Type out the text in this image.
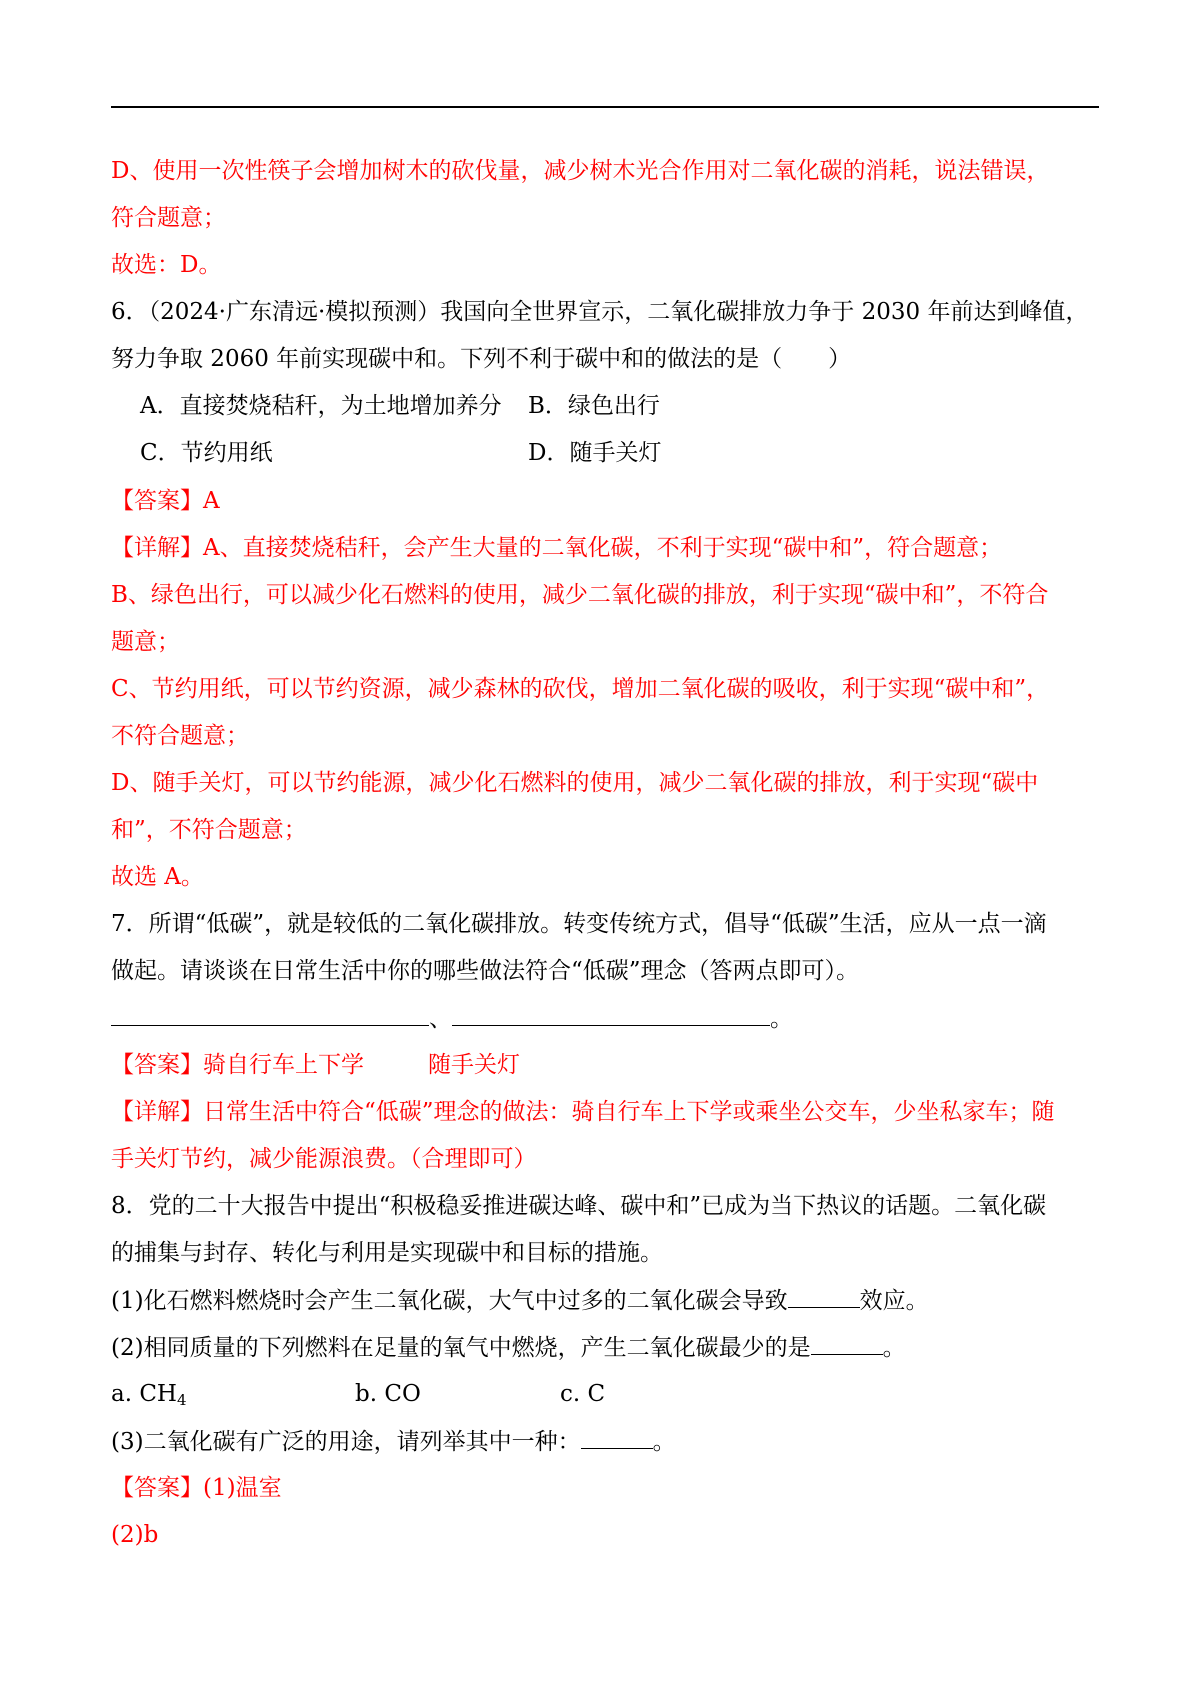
D、使用一次性筷子会增加树木的砍伐量，减少树木光合作用对二氧化碳的消耗，说法错误，
符合题意；
故选：D。
6．（2024·广东清远·模拟预测）我国向全世界宣示，二氧化碳排放力争于 2030 年前达到峰值，
努力争取 2060 年前实现碳中和。下列不利于碳中和的做法的是（　　）
A．直接焚烧秸秆，为土地增加养分 B．绿色出行
C．节约用纸	D．随手关灯
【答案】A
【详解】A、直接焚烧秸秆，会产生大量的二氧化碳，不利于实现“碳中和”，符合题意；
B、绿色出行，可以减少化石燃料的使用，减少二氧化碳的排放，利于实现“碳中和”，不符合
题意；
C、节约用纸，可以节约资源，减少森林的砍伐，增加二氧化碳的吸收，利于实现“碳中和”，
不符合题意；
D、随手关灯，可以节约能源，减少化石燃料的使用，减少二氧化碳的排放，利于实现“碳中
和”，不符合题意；
故选 A。
7．所谓“低碳”，就是较低的二氧化碳排放。转变传统方式，倡导“低碳”生活，应从一点一滴
做起。请谈谈在日常生活中你的哪些做法符合“低碳”理念（答两点即可）。
、	。
【答案】骑自行车上下学	随手关灯
【详解】日常生活中符合“低碳”理念的做法：骑自行车上下学或乘坐公交车，少坐私家车；随
手关灯节约，减少能源浪费。（合理即可）
8．党的二十大报告中提出“积极稳妥推进碳达峰、碳中和”已成为当下热议的话题。二氧化碳
的捕集与封存、转化与利用是实现碳中和目标的措施。
(1)化石燃料燃烧时会产生二氧化碳，大气中过多的二氧化碳会导致	效应。
(2)相同质量的下列燃料在足量的氧气中燃烧，产生二氧化碳最少的是	。
a. $CH_4$	b. CO	c. C
(3)二氧化碳有广泛的用途，请列举其中一种：	。
【答案】(1)温室
(2)b
